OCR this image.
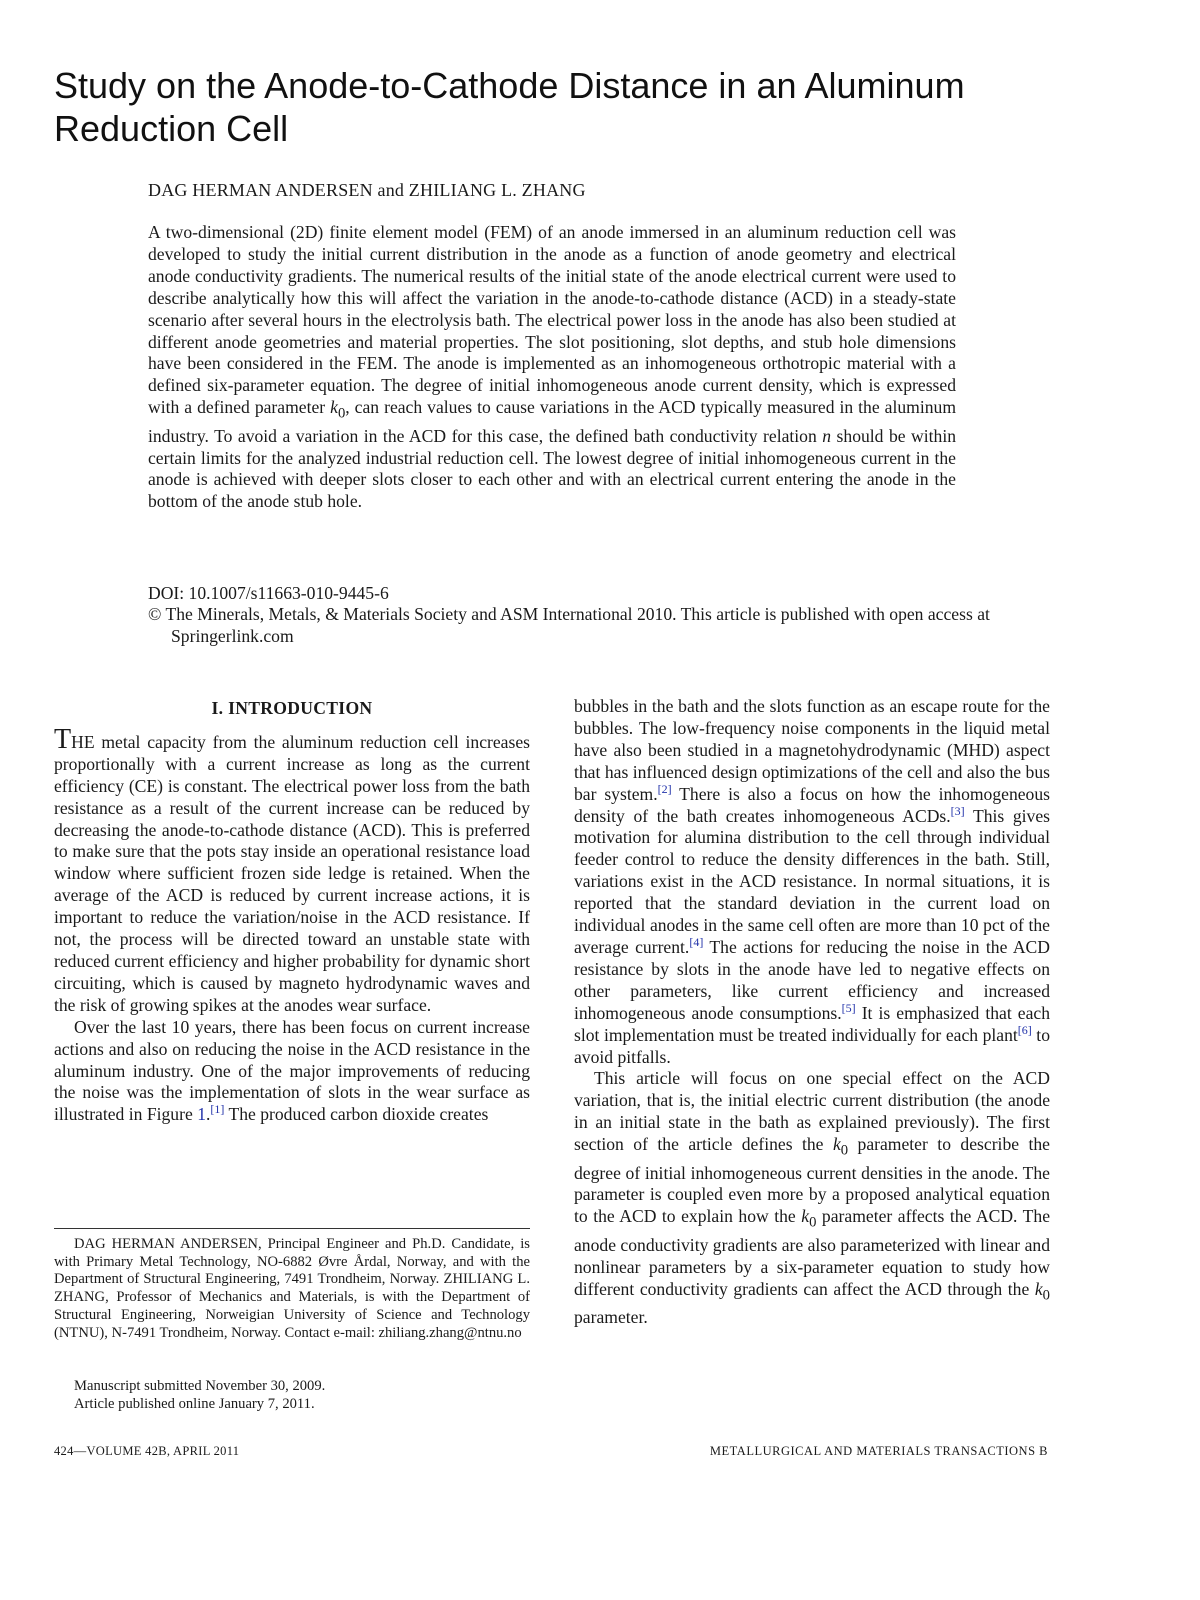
Study on the Anode-to-Cathode Distance in an Aluminum Reduction Cell

DAG HERMAN ANDERSEN and ZHILIANG L. ZHANG

A two-dimensional (2D) finite element model (FEM) of an anode immersed in an aluminum reduction cell was developed to study the initial current distribution in the anode as a function of anode geometry and electrical anode conductivity gradients. The numerical results of the initial state of the anode electrical current were used to describe analytically how this will affect the variation in the anode-to-cathode distance (ACD) in a steady-state scenario after several hours in the electrolysis bath. The electrical power loss in the anode has also been studied at different anode geometries and material properties. The slot positioning, slot depths, and stub hole dimensions have been considered in the FEM. The anode is implemented as an inhomogeneous orthotropic material with a defined six-parameter equation. The degree of initial inhomogeneous anode current density, which is expressed with a defined parameter $k_0$, can reach values to cause variations in the ACD typically measured in the aluminum industry. To avoid a variation in the ACD for this case, the defined bath conductivity relation n should be within certain limits for the analyzed industrial reduction cell. The lowest degree of initial inhomogeneous current in the anode is achieved with deeper slots closer to each other and with an electrical current entering the anode in the bottom of the anode stub hole.

DOI: 10.1007/s11663-010-9445-6

© The Minerals, Metals, & Materials Society and ASM International 2010. This article is published with open access at Springerlink.com

I. INTRODUCTION

THE metal capacity from the aluminum reduction cell increases proportionally with a current increase as long as the current efficiency (CE) is constant. The electrical power loss from the bath resistance as a result of the current increase can be reduced by decreasing the anode-to-cathode distance (ACD). This is preferred to make sure that the pots stay inside an operational resistance load window where sufficient frozen side ledge is retained. When the average of the ACD is reduced by current increase actions, it is important to reduce the variation/noise in the ACD resistance. If not, the process will be directed toward an unstable state with reduced current efficiency and higher probability for dynamic short circuiting, which is caused by magneto hydrodynamic waves and the risk of growing spikes at the anodes wear surface.

Over the last 10 years, there has been focus on current increase actions and also on reducing the noise in the ACD resistance in the aluminum industry. One of the major improvements of reducing the noise was the implementation of slots in the wear surface as illustrated in Figure 1.[1] The produced carbon dioxide creates

bubbles in the bath and the slots function as an escape route for the bubbles. The low-frequency noise components in the liquid metal have also been studied in a magnetohydrodynamic (MHD) aspect that has influenced design optimizations of the cell and also the bus bar system.[2] There is also a focus on how the inhomogeneous density of the bath creates inhomogeneous ACDs.[3] This gives motivation for alumina distribution to the cell through individual feeder control to reduce the density differences in the bath. Still, variations exist in the ACD resistance. In normal situations, it is reported that the standard deviation in the current load on individual anodes in the same cell often are more than 10 pct of the average current.[4] The actions for reducing the noise in the ACD resistance by slots in the anode have led to negative effects on other parameters, like current efficiency and increased inhomogeneous anode consumptions.[5] It is emphasized that each slot implementation must be treated individually for each plant[6] to avoid pitfalls.

This article will focus on one special effect on the ACD variation, that is, the initial electric current distribution (the anode in an initial state in the bath as explained previously). The first section of the article defines the $k_0$ parameter to describe the degree of initial inhomogeneous current densities in the anode. The parameter is coupled even more by a proposed analytical equation to the ACD to explain how the $k_0$ parameter affects the ACD. The anode conductivity gradients are also parameterized with linear and nonlinear parameters by a six-parameter equation to study how different conductivity gradients can affect the ACD through the $k_0$ parameter.

DAG HERMAN ANDERSEN, Principal Engineer and Ph.D. Candidate, is with Primary Metal Technology, NO-6882 Øvre Årdal, Norway, and with the Department of Structural Engineering, 7491 Trondheim, Norway. ZHILIANG L. ZHANG, Professor of Mechanics and Materials, is with the Department of Structural Engineering, Norweigian University of Science and Technology (NTNU), N-7491 Trondheim, Norway. Contact e-mail: zhiliang.zhang@ntnu.no

Manuscript submitted November 30, 2009.

Article published online January 7, 2011.

424—VOLUME 42B, APRIL 2011	METALLURGICAL AND MATERIALS TRANSACTIONS B
